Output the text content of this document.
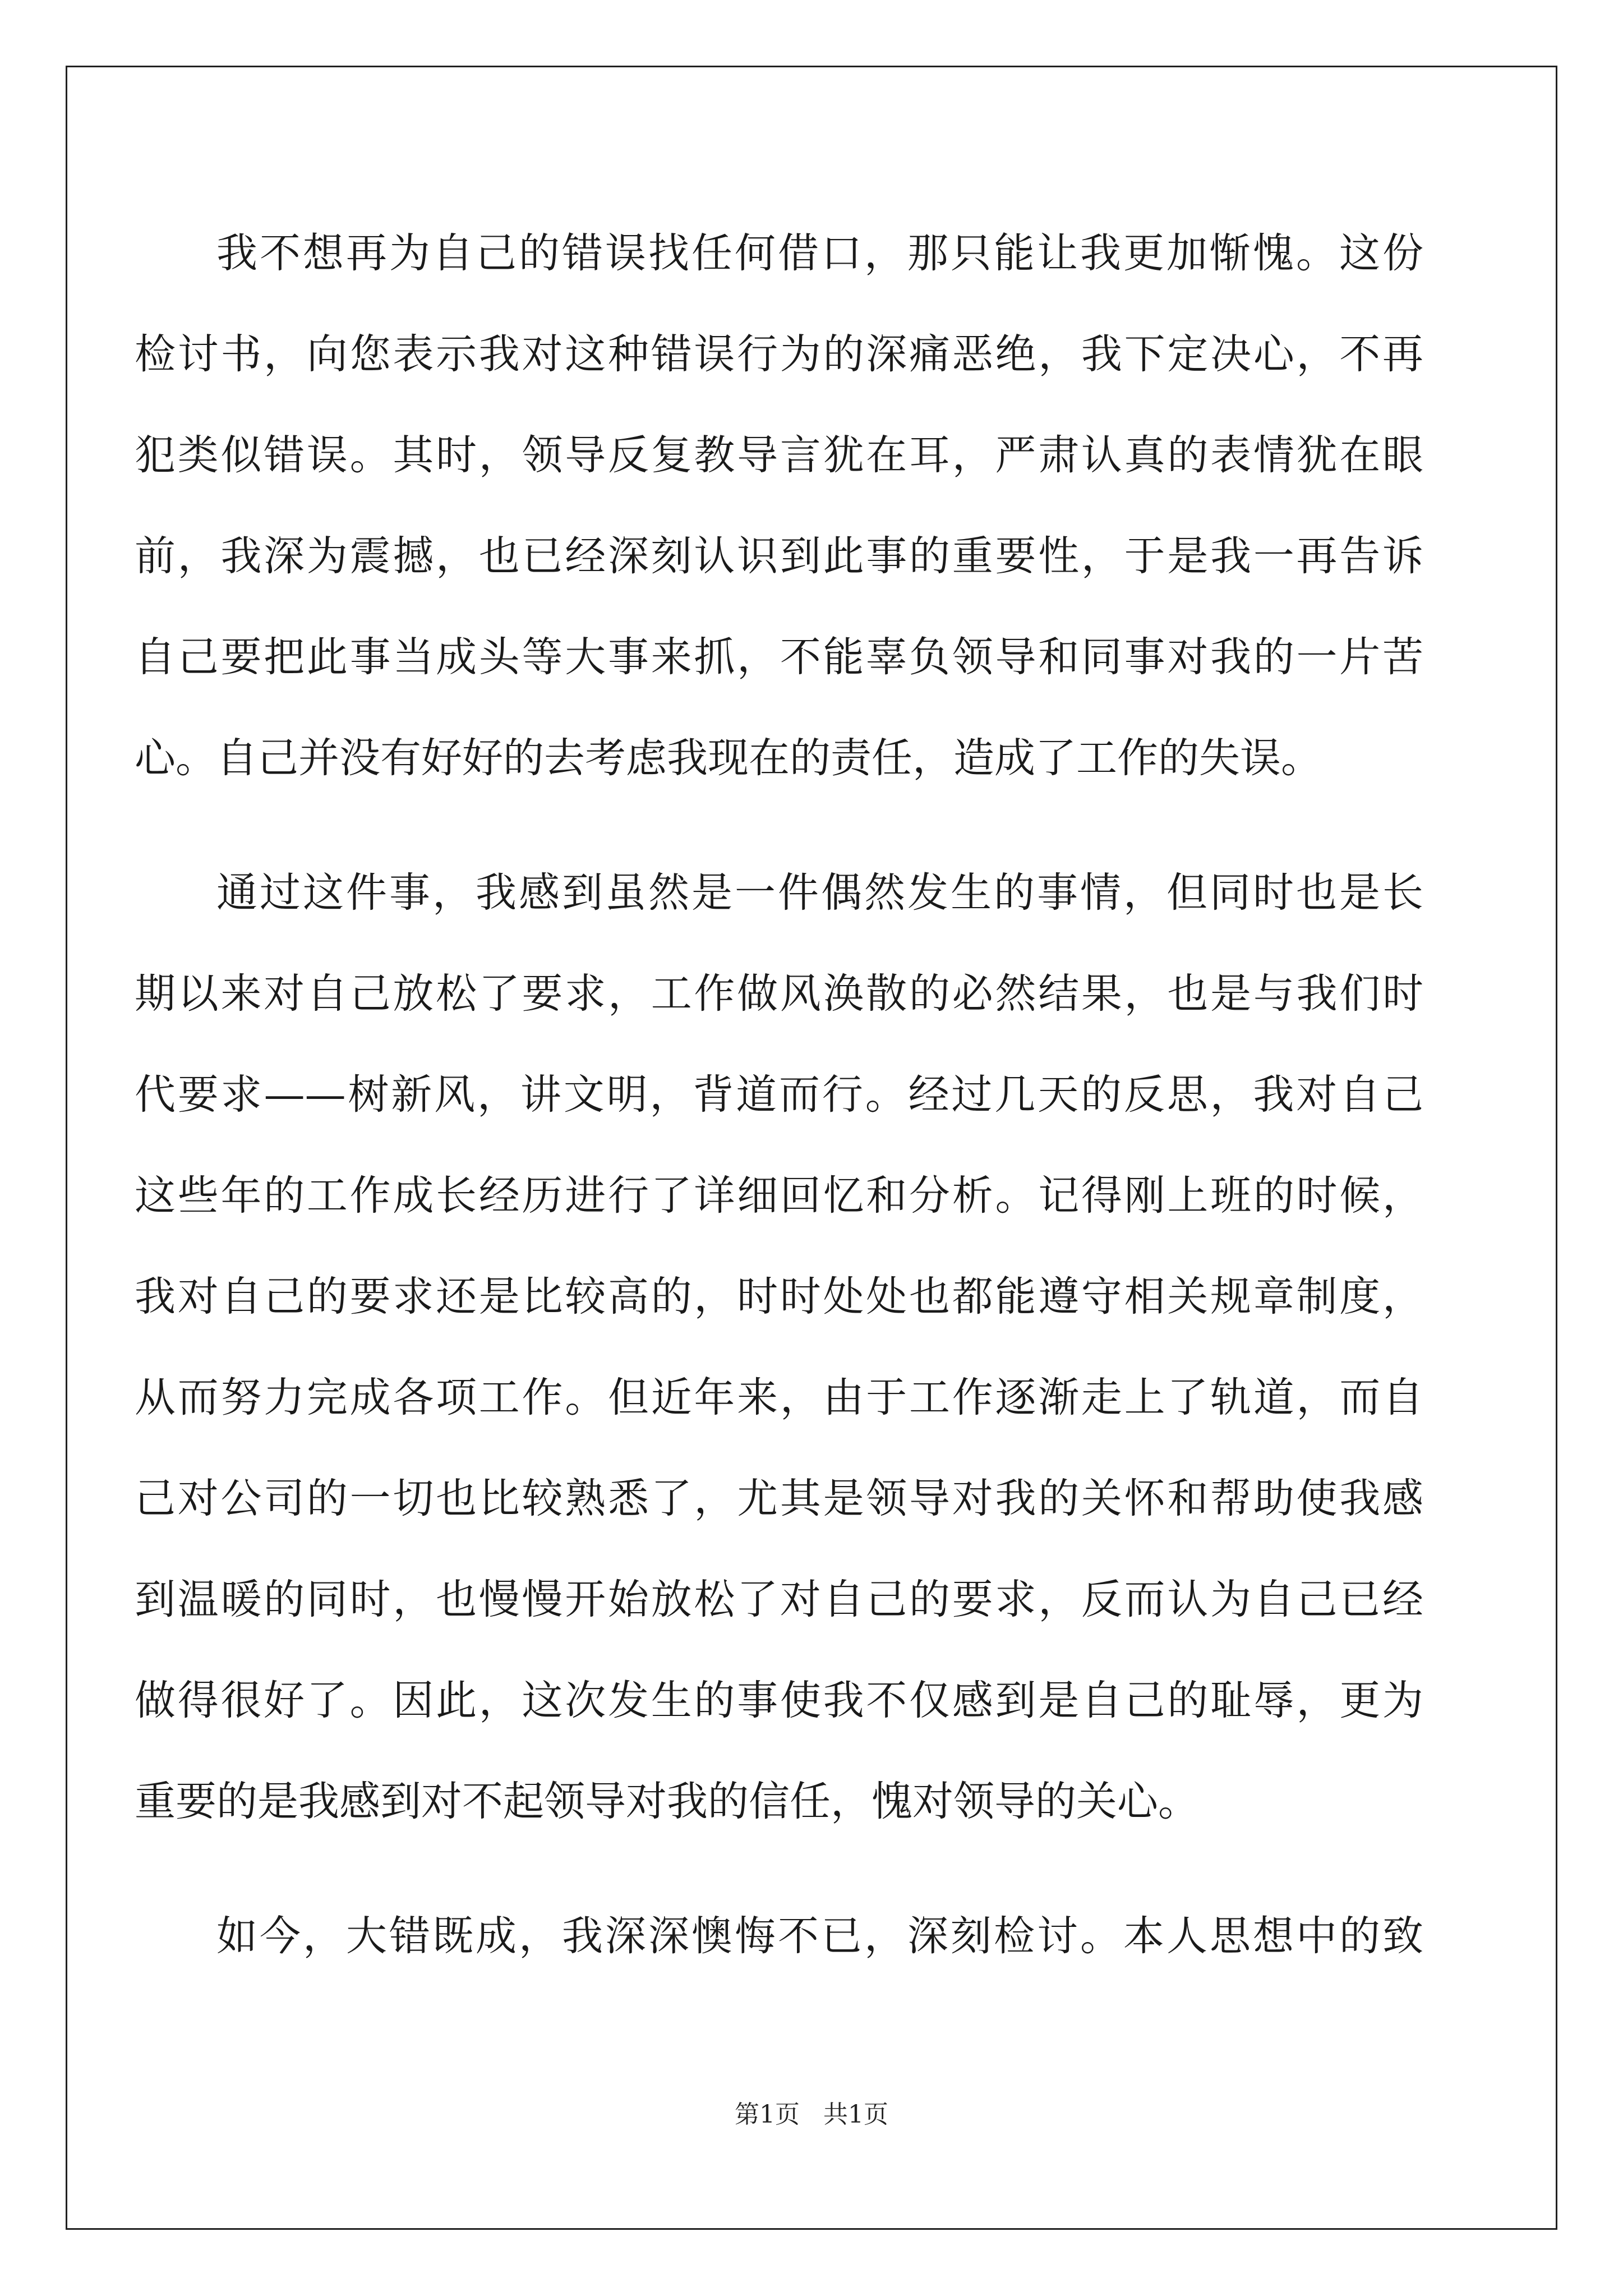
我不想再为自己的错误找任何借口，那只能让我更加惭愧。这份
检讨书，向您表示我对这种错误行为的深痛恶绝，我下定决心，不再
犯类似错误。其时，领导反复教导言犹在耳，严肃认真的表情犹在眼
前，我深为震撼，也已经深刻认识到此事的重要性，于是我一再告诉
自己要把此事当成头等大事来抓，不能辜负领导和同事对我的一片苦
心。自己并没有好好的去考虑我现在的责任，造成了工作的失误。
通过这件事，我感到虽然是一件偶然发生的事情，但同时也是长
期以来对自己放松了要求，工作做风涣散的必然结果，也是与我们时
代要求——树新风，讲文明，背道而行。经过几天的反思，我对自己
这些年的工作成长经历进行了详细回忆和分析。记得刚上班的时候，
我对自己的要求还是比较高的，时时处处也都能遵守相关规章制度，
从而努力完成各项工作。但近年来，由于工作逐渐走上了轨道，而自
己对公司的一切也比较熟悉了，尤其是领导对我的关怀和帮助使我感
到温暖的同时，也慢慢开始放松了对自己的要求，反而认为自己已经
做得很好了。因此，这次发生的事使我不仅感到是自己的耻辱，更为
重要的是我感到对不起领导对我的信任，愧对领导的关心。
如今，大错既成，我深深懊悔不已，深刻检讨。本人思想中的致
第1页   共1页
